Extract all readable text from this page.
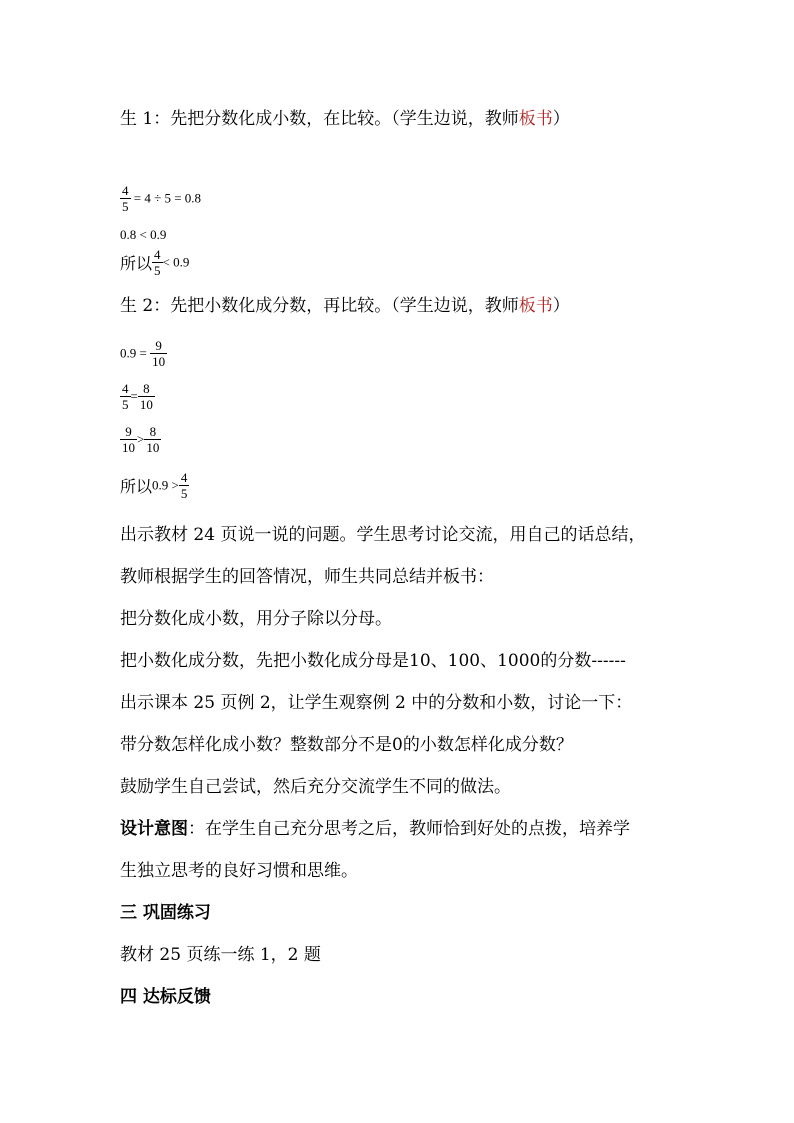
生 1：先把分数化成小数，在比较。（学生边说，教师板书）
$\frac{4}{5} = 4 \div 5 = 0.8$
0.8 < 0.9
所以 $\frac{4}{5} < 0.9$
生 2：先把小数化成分数，再比较。（学生边说，教师板书）
$0.9 = \frac{9}{10}$
$\frac{4}{5} = \frac{8}{10}$
$\frac{9}{10} > \frac{8}{10}$
所以$0.9 > \frac{4}{5}$
出示教材 24 页说一说的问题。学生思考讨论交流，用自己的话总结，
教师根据学生的回答情况，师生共同总结并板书：
把分数化成小数，用分子除以分母。
把小数化成分数，先把小数化成分母是10、100、1000的分数------
出示课本 25 页例 2，让学生观察例 2 中的分数和小数，讨论一下：
带分数怎样化成小数？整数部分不是0的小数怎样化成分数？
鼓励学生自己尝试，然后充分交流学生不同的做法。
设计意图：在学生自己充分思考之后，教师恰到好处的点拨，培养学
生独立思考的良好习惯和思维。
三 巩固练习
教材 25 页练一练 1，2 题
四 达标反馈
